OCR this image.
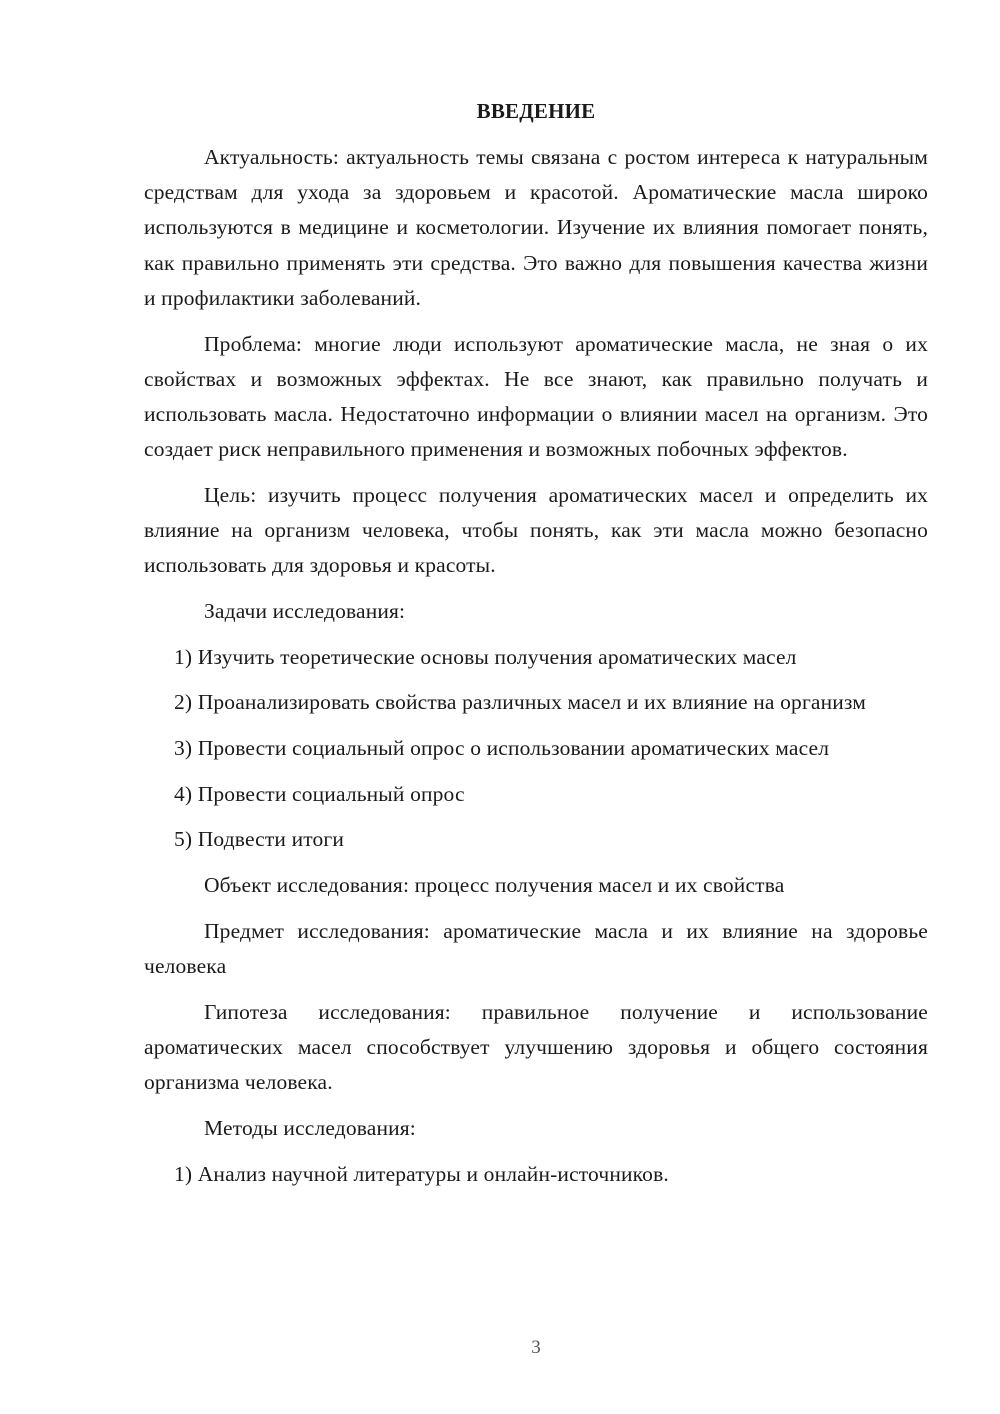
ВВЕДЕНИЕ

Актуальность: актуальность темы связана с ростом интереса к натуральным средствам для ухода за здоровьем и красотой. Ароматические масла широко используются в медицине и косметологии. Изучение их влияния помогает понять, как правильно применять эти средства. Это важно для повышения качества жизни и профилактики заболеваний.

Проблема: многие люди используют ароматические масла, не зная о их свойствах и возможных эффектах. Не все знают, как правильно получать и использовать масла. Недостаточно информации о влиянии масел на организм. Это создает риск неправильного применения и возможных побочных эффектов.

Цель: изучить процесс получения ароматических масел и определить их влияние на организм человека, чтобы понять, как эти масла можно безопасно использовать для здоровья и красоты.

Задачи исследования:

1) Изучить теоретические основы получения ароматических масел

2) Проанализировать свойства различных масел и их влияние на организм

3) Провести социальный опрос о использовании ароматических масел

4) Провести социальный опрос

5) Подвести итоги

Объект исследования: процесс получения масел и их свойства

Предмет исследования: ароматические масла и их влияние на здоровье человека

Гипотеза исследования: правильное получение и использование ароматических масел способствует улучшению здоровья и общего состояния организма человека.

Методы исследования:

1) Анализ научной литературы и онлайн-источников.

3
